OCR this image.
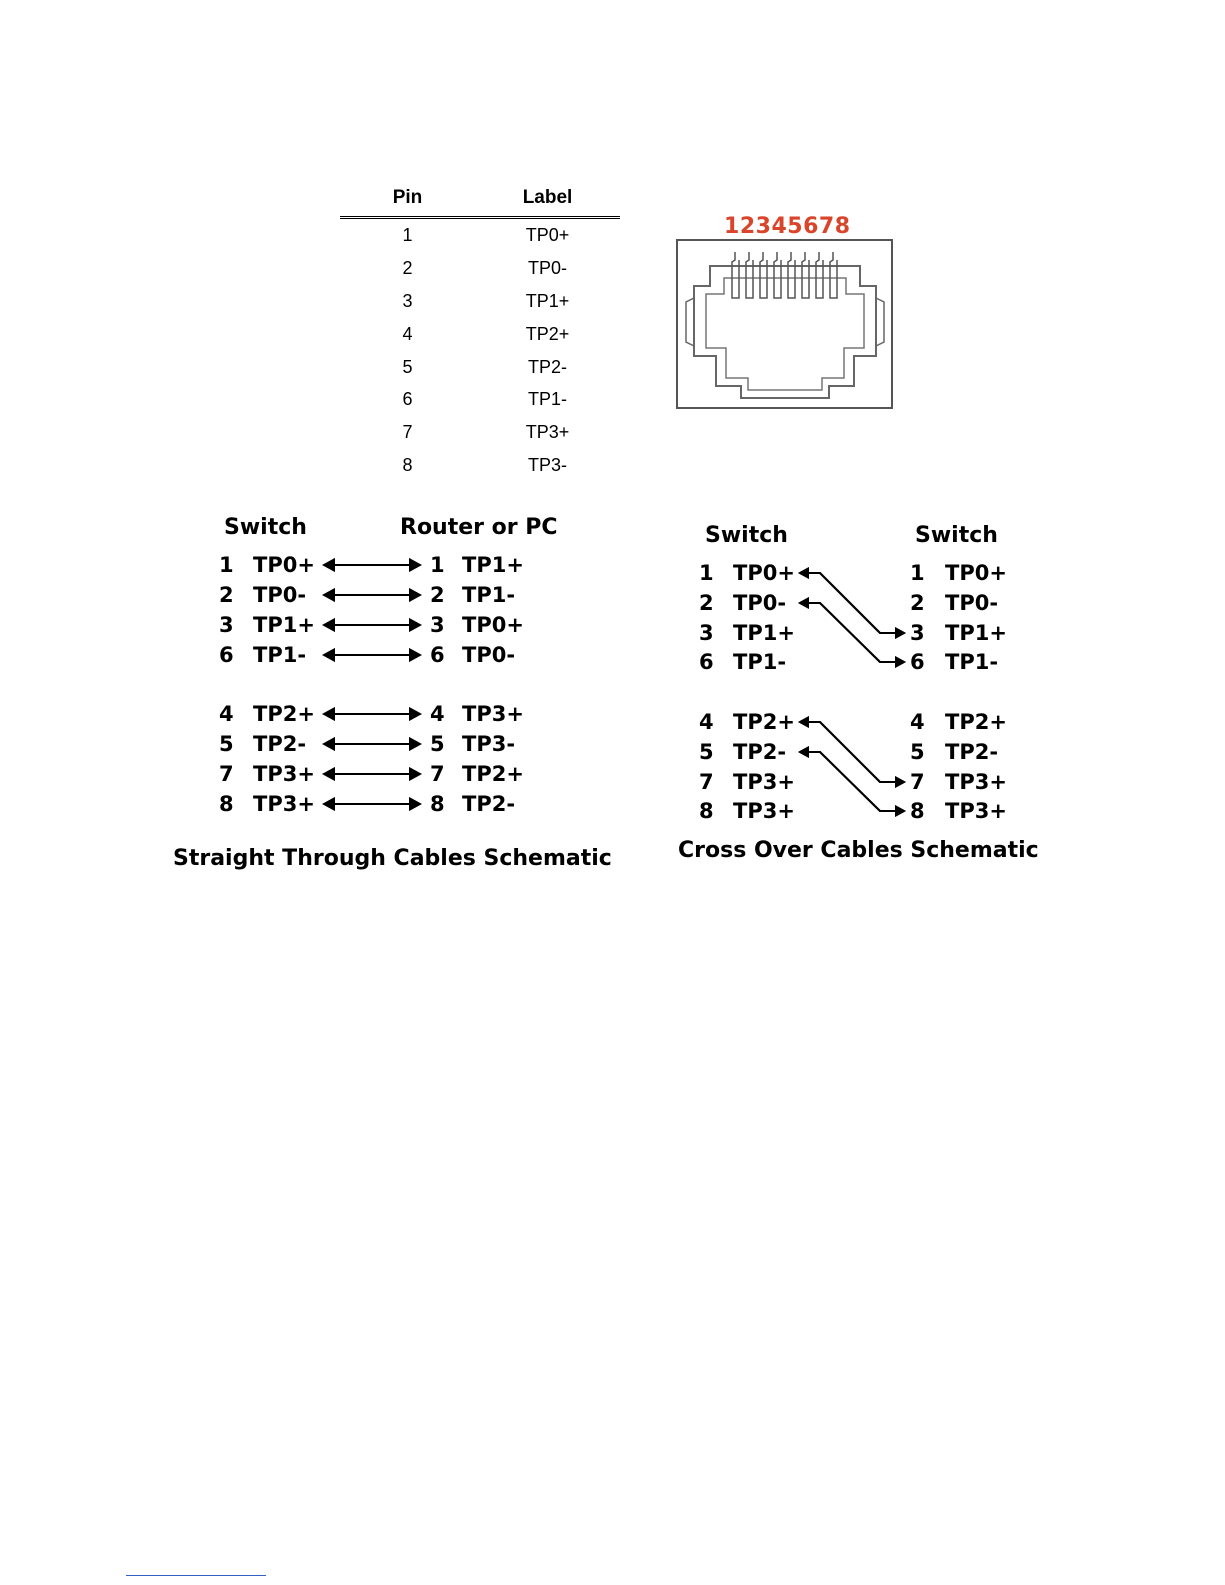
Pin	Label
1	TP0+
2	TP0-
3	TP1+
4	TP2+
5	TP2-
6	TP1-
7	TP3+
8	TP3-
1 2 3 4 5 6 7 8
Switch	Router or PC
1 TP0+	1 TP1+
2 TP0-	2 TP1-
3 TP1+	3 TP0+
6 TP1-	6 TP0-
4 TP2+	4 TP3+
5 TP2-	5 TP3-
7 TP3+	7 TP2+
8 TP3+	8 TP2-
Straight Through Cables Schematic
Switch	Switch
1 TP0+	1 TP0+
2 TP0-	2 TP0-
3 TP1+	3 TP1+
6 TP1-	6 TP1-
4 TP2+	4 TP2+
5 TP2-	5 TP2-
7 TP3+	7 TP3+
8 TP3+	8 TP3+
Cross Over Cables Schematic
